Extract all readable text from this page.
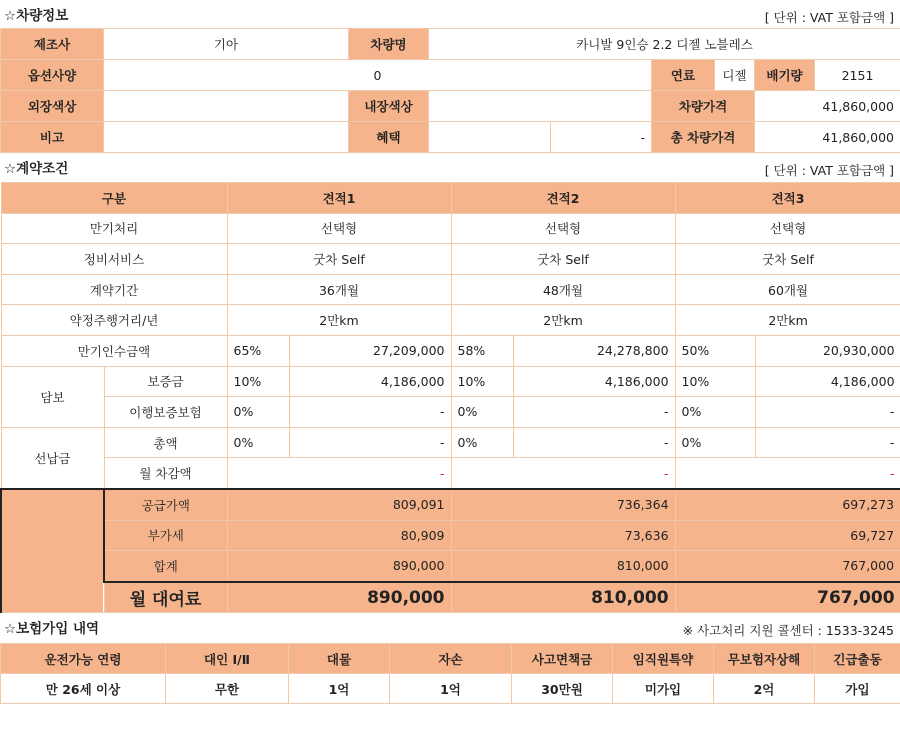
☆차량정보	[ 단위 : VAT 포함금액 ]
제조사	기아	차량명	카니발 9인승 2.2 디젤 노블레스					
옵션사양	0				연료	디젤	배기량	2151
외장색상		내장색상			차량가격		41,860,000	
비고		혜택		-	총 차량가격		41,860,000	
☆계약조건	[ 단위 : VAT 포함금액 ]
구분		견적1		견적2		견적3	
만기처리		선택형		선택형		선택형	
정비서비스		굿차 Self		굿차 Self		굿차 Self	
계약기간		36개월		48개월		60개월	
약정주행거리/년		2만km		2만km		2만km	
만기인수금액		65%	27,209,000	58%	24,278,800	50%	20,930,000
담보	보증금	10%	4,186,000	10%	4,186,000	10%	4,186,000
	이행보증보험	0%	-	0%	-	0%	-
선납금	총액	0%	-	0%	-	0%	-
	월 차감액	-		-		-	
	공급가액	809,091		736,364		697,273	
	부가세	80,909		73,636		69,727	
	합계	890,000		810,000		767,000	
	월 대여료	890,000		810,000		767,000	
☆보험가입 내역	※ 사고처리 지원 콜센터 : 1533-3245
운전가능 연령	대인 Ⅰ/Ⅱ	대물	자손	사고면책금	임직원특약	무보험자상해	긴급출동
만 26세 이상	무한	1억	1억	30만원	미가입	2억	가입
